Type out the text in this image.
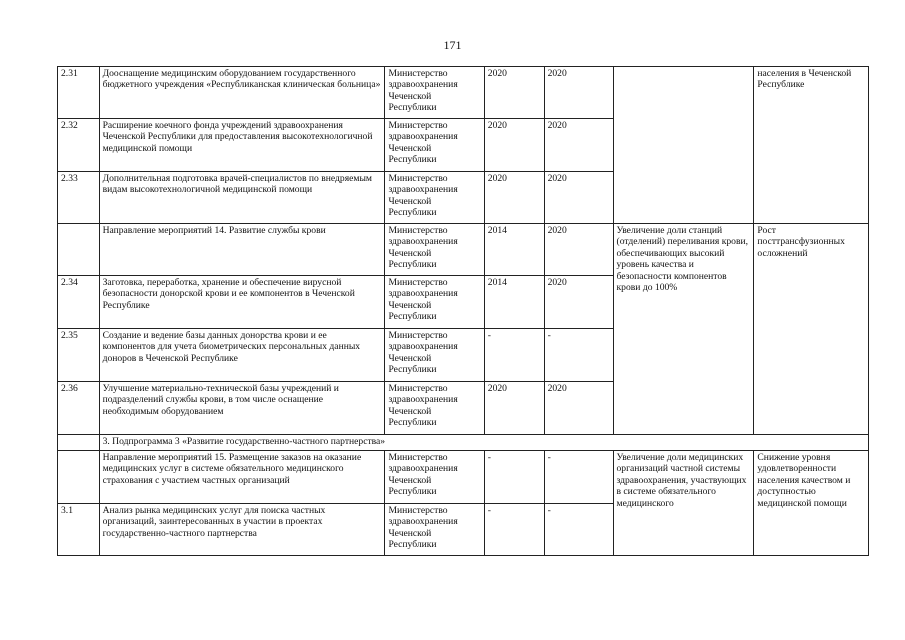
171
2.31	Дооснащение медицинским оборудованием государственного бюджетного учреждения «Республиканская клиническая больница»	Министерство здравоохранения Чеченской Республики	2020	2020		населения в Чеченской Республике
2.32	Расширение коечного фонда учреждений здравоохранения Чеченской Республики для предоставления высокотехнологичной медицинской помощи	Министерство здравоохранения Чеченской Республики	2020	2020		
2.33	Дополнительная подготовка врачей-специалистов по внедряемым видам высокотехнологичной медицинской помощи	Министерство здравоохранения Чеченской Республики	2020	2020		
	Направление мероприятий 14. Развитие службы крови	Министерство здравоохранения Чеченской Республики	2014	2020	Увеличение доли станций (отделений) переливания крови, обеспечивающих высокий уровень качества и безопасности компонентов крови до 100%	Рост посттрансфузионных осложнений
2.34	Заготовка, переработка, хранение и обеспечение вирусной безопасности донорской крови и ее компонентов в Чеченской Республике	Министерство здравоохранения Чеченской Республики	2014	2020		
2.35	Создание и ведение базы данных донорства крови и ее компонентов для учета биометрических персональных данных доноров в Чеченской Республике	Министерство здравоохранения Чеченской Республики	-	-		
2.36	Улучшение материально-технической базы учреждений и подразделений службы крови, в том числе оснащение необходимым оборудованием	Министерство здравоохранения Чеченской Республики	2020	2020		
	3. Подпрограмма 3 «Развитие государственно-частного партнерства»					
	Направление мероприятий 15. Размещение заказов на оказание медицинских услуг в системе обязательного медицинского страхования с участием частных организаций	Министерство здравоохранения Чеченской Республики	-	-	Увеличение доли медицинских организаций частной системы здравоохранения, участвующих в системе обязательного медицинского	Снижение уровня удовлетворенности населения качеством и доступностью медицинской помощи
3.1	Анализ рынка медицинских услуг для поиска частных организаций, заинтересованных в участии в проектах государственно-частного партнерства	Министерство здравоохранения Чеченской Республики	-	-		
